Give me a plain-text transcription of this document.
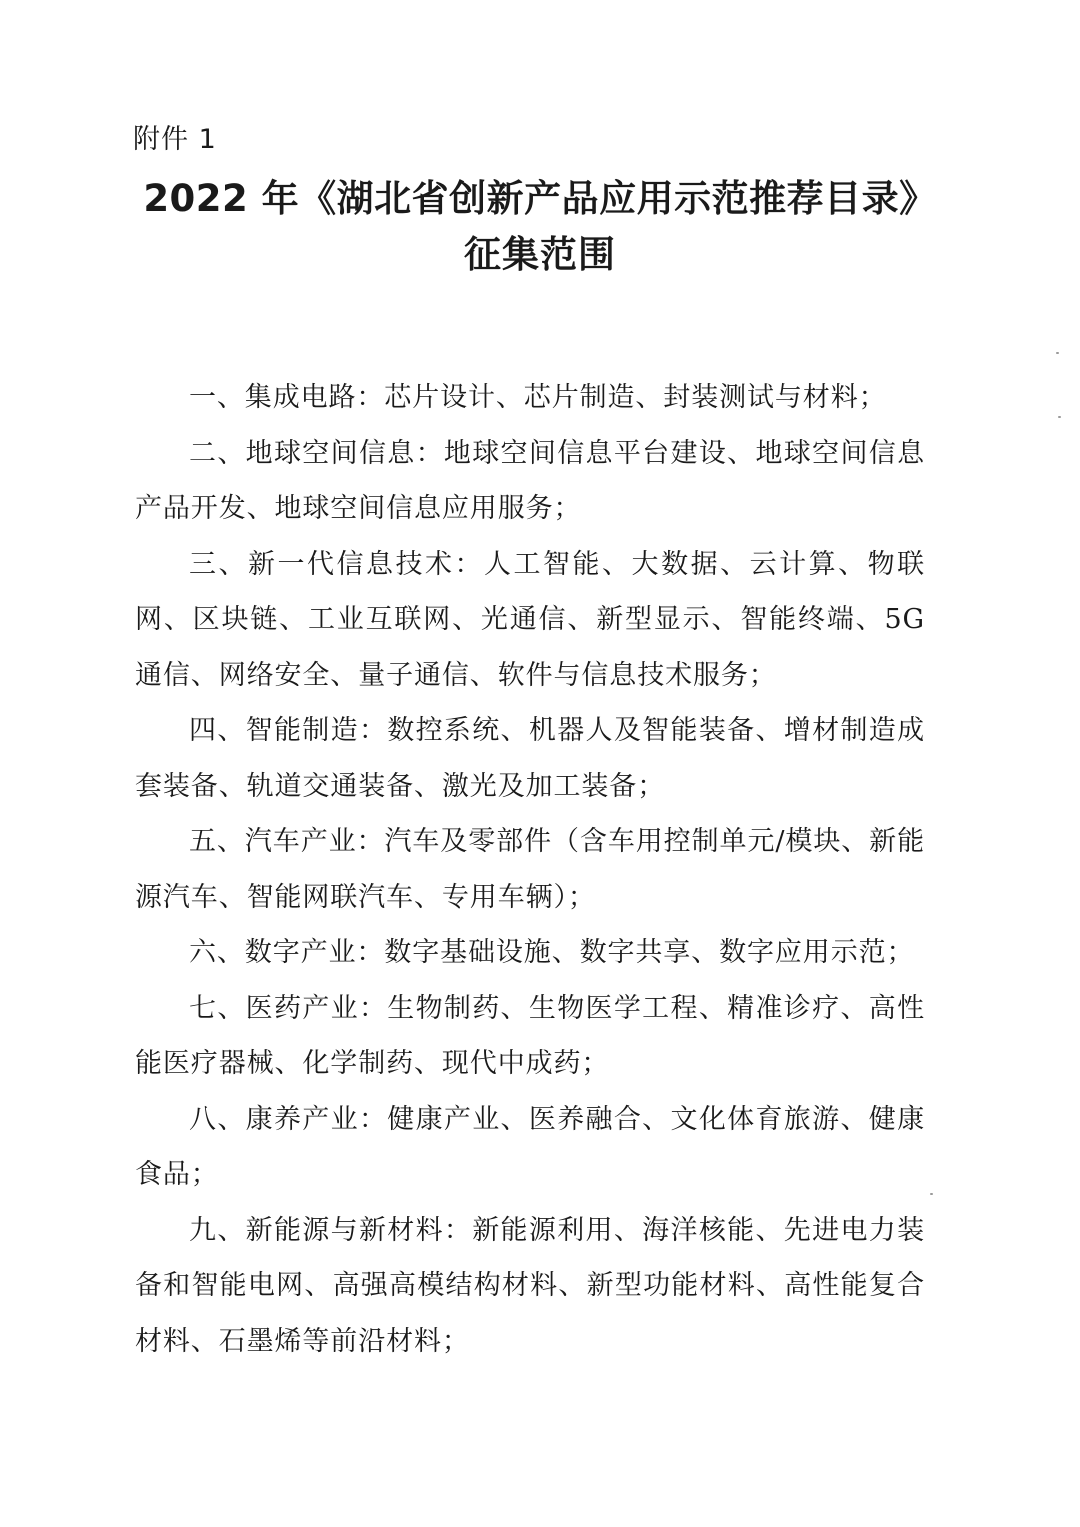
附件 1

2022 年《湖北省创新产品应用示范推荐目录》
征集范围

一、集成电路：芯片设计、芯片制造、封装测试与材料；

二、地球空间信息：地球空间信息平台建设、地球空间信息产品开发、地球空间信息应用服务；

三、新一代信息技术：人工智能、大数据、云计算、物联网、区块链、工业互联网、光通信、新型显示、智能终端、5G 通信、网络安全、量子通信、软件与信息技术服务；

四、智能制造：数控系统、机器人及智能装备、增材制造成套装备、轨道交通装备、激光及加工装备；

五、汽车产业：汽车及零部件（含车用控制单元/模块、新能源汽车、智能网联汽车、专用车辆）；

六、数字产业：数字基础设施、数字共享、数字应用示范；

七、医药产业：生物制药、生物医学工程、精准诊疗、高性能医疗器械、化学制药、现代中成药；

八、康养产业：健康产业、医养融合、文化体育旅游、健康食品；

九、新能源与新材料：新能源利用、海洋核能、先进电力装备和智能电网、高强高模结构材料、新型功能材料、高性能复合材料、石墨烯等前沿材料；
